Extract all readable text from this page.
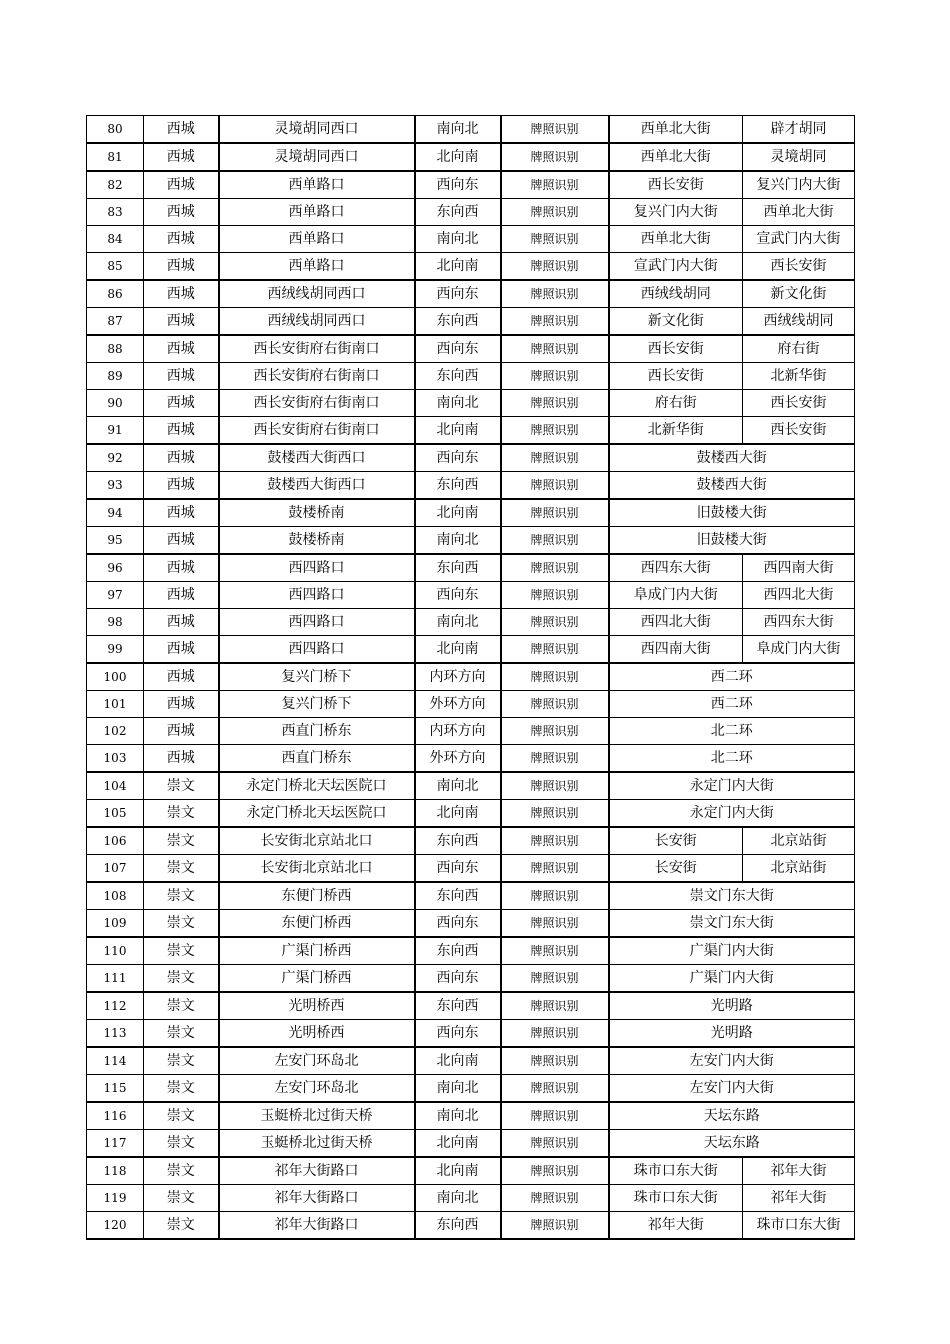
80	西城	灵境胡同西口	南向北	牌照识别	西单北大街	辟才胡同
81	西城	灵境胡同西口	北向南	牌照识别	西单北大街	灵境胡同
82	西城	西单路口	西向东	牌照识别	西长安街	复兴门内大街
83	西城	西单路口	东向西	牌照识别	复兴门内大街	西单北大街
84	西城	西单路口	南向北	牌照识别	西单北大街	宣武门内大街
85	西城	西单路口	北向南	牌照识别	宣武门内大街	西长安街
86	西城	西绒线胡同西口	西向东	牌照识别	西绒线胡同	新文化街
87	西城	西绒线胡同西口	东向西	牌照识别	新文化街	西绒线胡同
88	西城	西长安街府右街南口	西向东	牌照识别	西长安街	府右街
89	西城	西长安街府右街南口	东向西	牌照识别	西长安街	北新华街
90	西城	西长安街府右街南口	南向北	牌照识别	府右街	西长安街
91	西城	西长安街府右街南口	北向南	牌照识别	北新华街	西长安街
92	西城	鼓楼西大街西口	西向东	牌照识别	鼓楼西大街	
93	西城	鼓楼西大街西口	东向西	牌照识别	鼓楼西大街	
94	西城	鼓楼桥南	北向南	牌照识别	旧鼓楼大街	
95	西城	鼓楼桥南	南向北	牌照识别	旧鼓楼大街	
96	西城	西四路口	东向西	牌照识别	西四东大街	西四南大街
97	西城	西四路口	西向东	牌照识别	阜成门内大街	西四北大街
98	西城	西四路口	南向北	牌照识别	西四北大街	西四东大街
99	西城	西四路口	北向南	牌照识别	西四南大街	阜成门内大街
100	西城	复兴门桥下	内环方向	牌照识别	西二环	
101	西城	复兴门桥下	外环方向	牌照识别	西二环	
102	西城	西直门桥东	内环方向	牌照识别	北二环	
103	西城	西直门桥东	外环方向	牌照识别	北二环	
104	崇文	永定门桥北天坛医院口	南向北	牌照识别	永定门内大街	
105	崇文	永定门桥北天坛医院口	北向南	牌照识别	永定门内大街	
106	崇文	长安街北京站北口	东向西	牌照识别	长安街	北京站街
107	崇文	长安街北京站北口	西向东	牌照识别	长安街	北京站街
108	崇文	东便门桥西	东向西	牌照识别	崇文门东大街	
109	崇文	东便门桥西	西向东	牌照识别	崇文门东大街	
110	崇文	广渠门桥西	东向西	牌照识别	广渠门内大街	
111	崇文	广渠门桥西	西向东	牌照识别	广渠门内大街	
112	崇文	光明桥西	东向西	牌照识别	光明路	
113	崇文	光明桥西	西向东	牌照识别	光明路	
114	崇文	左安门环岛北	北向南	牌照识别	左安门内大街	
115	崇文	左安门环岛北	南向北	牌照识别	左安门内大街	
116	崇文	玉蜓桥北过街天桥	南向北	牌照识别	天坛东路	
117	崇文	玉蜓桥北过街天桥	北向南	牌照识别	天坛东路	
118	崇文	祁年大街路口	北向南	牌照识别	珠市口东大街	祁年大街
119	崇文	祁年大街路口	南向北	牌照识别	珠市口东大街	祁年大街
120	崇文	祁年大街路口	东向西	牌照识别	祁年大街	珠市口东大街
